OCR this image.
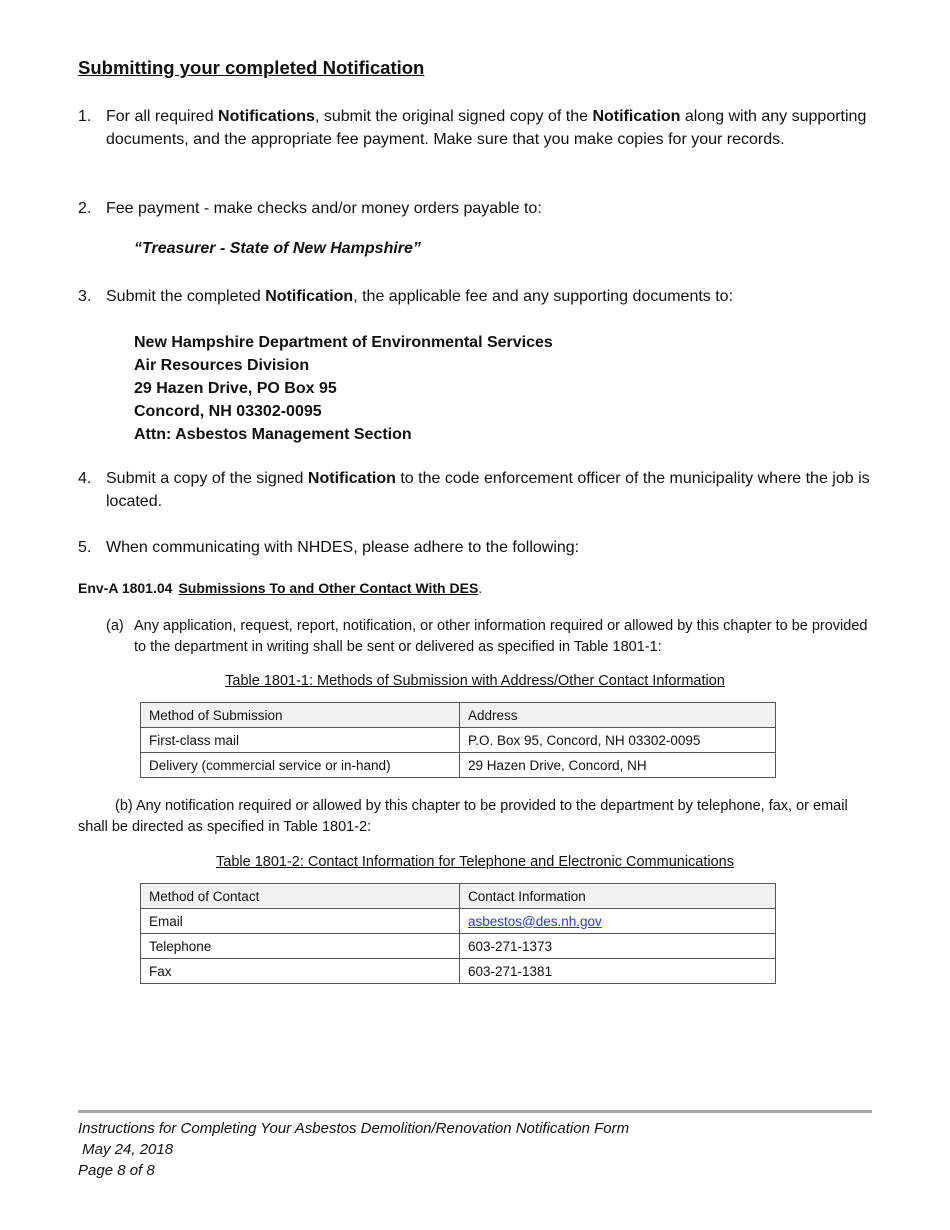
Submitting your completed Notification
1. For all required Notifications, submit the original signed copy of the Notification along with any supporting documents, and the appropriate fee payment. Make sure that you make copies for your records.
2. Fee payment - make checks and/or money orders payable to:
“Treasurer - State of New Hampshire”
3. Submit the completed Notification, the applicable fee and any supporting documents to:
New Hampshire Department of Environmental Services
Air Resources Division
29 Hazen Drive, PO Box 95
Concord, NH 03302-0095
Attn: Asbestos Management Section
4. Submit a copy of the signed Notification to the code enforcement officer of the municipality where the job is located.
5. When communicating with NHDES, please adhere to the following:
Env-A 1801.04 Submissions To and Other Contact With DES.
(a) Any application, request, report, notification, or other information required or allowed by this chapter to be provided to the department in writing shall be sent or delivered as specified in Table 1801-1:
Table 1801-1: Methods of Submission with Address/Other Contact Information
Method of Submission	Address
First-class mail	P.O. Box 95, Concord, NH 03302-0095
Delivery (commercial service or in-hand)	29 Hazen Drive, Concord, NH
(b) Any notification required or allowed by this chapter to be provided to the department by telephone, fax, or email shall be directed as specified in Table 1801-2:
Table 1801-2: Contact Information for Telephone and Electronic Communications
Method of Contact	Contact Information
Email	asbestos@des.nh.gov
Telephone	603-271-1373
Fax	603-271-1381
Instructions for Completing Your Asbestos Demolition/Renovation Notification Form
May 24, 2018
Page 8 of 8
